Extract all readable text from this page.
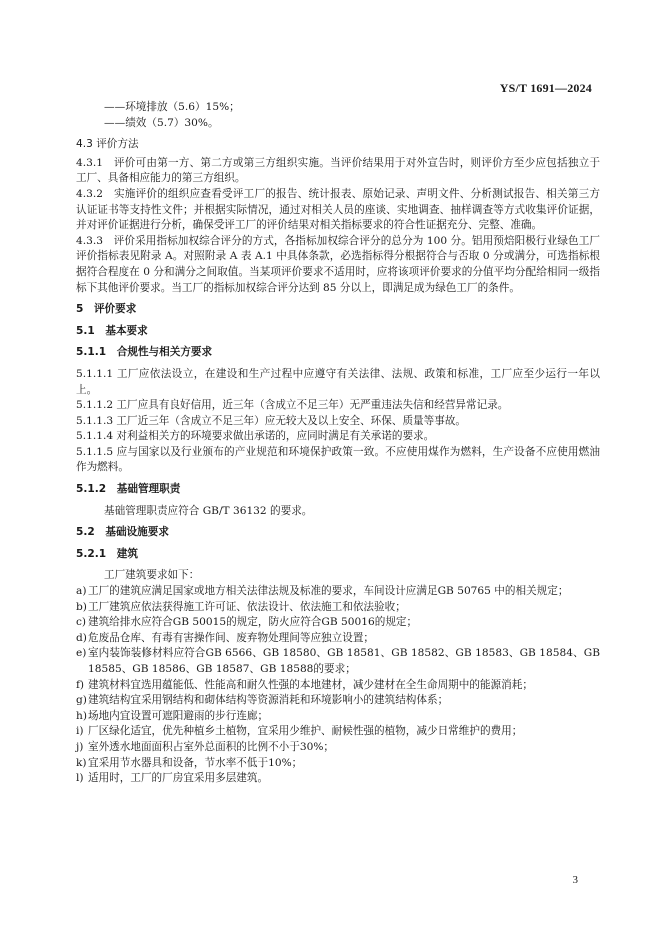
YS/T 1691—2024

——环境排放（5.6）15%；

——绩效（5.7）30%。

4.3 评价方法

4.3.1　评价可由第一方、第二方或第三方组织实施。当评价结果用于对外宣告时，则评价方至少应包括独立于工厂、具备相应能力的第三方组织。

4.3.2　实施评价的组织应查看受评工厂的报告、统计报表、原始记录、声明文件、分析测试报告、相关第三方认证证书等支持性文件；并根据实际情况，通过对相关人员的座谈、实地调查、抽样调查等方式收集评价证据，并对评价证据进行分析，确保受评工厂的评价结果对相关指标要求的符合性证据充分、完整、准确。

4.3.3　评价采用指标加权综合评分的方式，各指标加权综合评分的总分为 100 分。铝用预焙阳极行业绿色工厂评价指标表见附录 A。对照附录 A 表 A.1 中具体条款，必选指标得分根据符合与否取 0 分或满分，可选指标根据符合程度在 0 分和满分之间取值。当某项评价要求不适用时，应将该项评价要求的分值平均分配给相同一级指标下其他评价要求。当工厂的指标加权综合评分达到 85 分以上，即满足成为绿色工厂的条件。

5　评价要求

5.1　基本要求

5.1.1　合规性与相关方要求

5.1.1.1 工厂应依法设立，在建设和生产过程中应遵守有关法律、法规、政策和标准，工厂应至少运行一年以上。

5.1.1.2 工厂应具有良好信用，近三年（含成立不足三年）无严重违法失信和经营异常记录。

5.1.1.3 工厂近三年（含成立不足三年）应无较大及以上安全、环保、质量等事故。

5.1.1.4 对利益相关方的环境要求做出承诺的，应同时满足有关承诺的要求。

5.1.1.5 应与国家以及行业颁布的产业规范和环境保护政策一致。不应使用煤作为燃料，生产设备不应使用燃油作为燃料。

5.1.2　基础管理职责

基础管理职责应符合 GB/T 36132 的要求。

5.2　基础设施要求

5.2.1　建筑

工厂建筑要求如下：

a) 工厂的建筑应满足国家或地方相关法律法规及标准的要求，车间设计应满足GB 50765 中的相关规定；
b) 工厂建筑应依法获得施工许可证、依法设计、依法施工和依法验收；
c) 建筑给排水应符合GB 50015的规定，防火应符合GB 50016的规定；
d) 危废品仓库、有毒有害操作间、废弃物处理间等应独立设置；
e) 室内装饰装修材料应符合GB 6566、GB 18580、GB 18581、GB 18582、GB 18583、GB 18584、GB 18585、GB 18586、GB 18587、GB 18588的要求；
f) 建筑材料宜选用蕴能低、性能高和耐久性强的本地建材，减少建材在全生命周期中的能源消耗；
g) 建筑结构宜采用钢结构和砌体结构等资源消耗和环境影响小的建筑结构体系；
h) 场地内宜设置可遮阳避雨的步行连廊；
i) 厂区绿化适宜，优先种植乡土植物，宜采用少维护、耐候性强的植物，减少日常维护的费用；
j) 室外透水地面面积占室外总面积的比例不小于30%；
k) 宜采用节水器具和设备，节水率不低于10%；
l) 适用时，工厂的厂房宜采用多层建筑。
3
